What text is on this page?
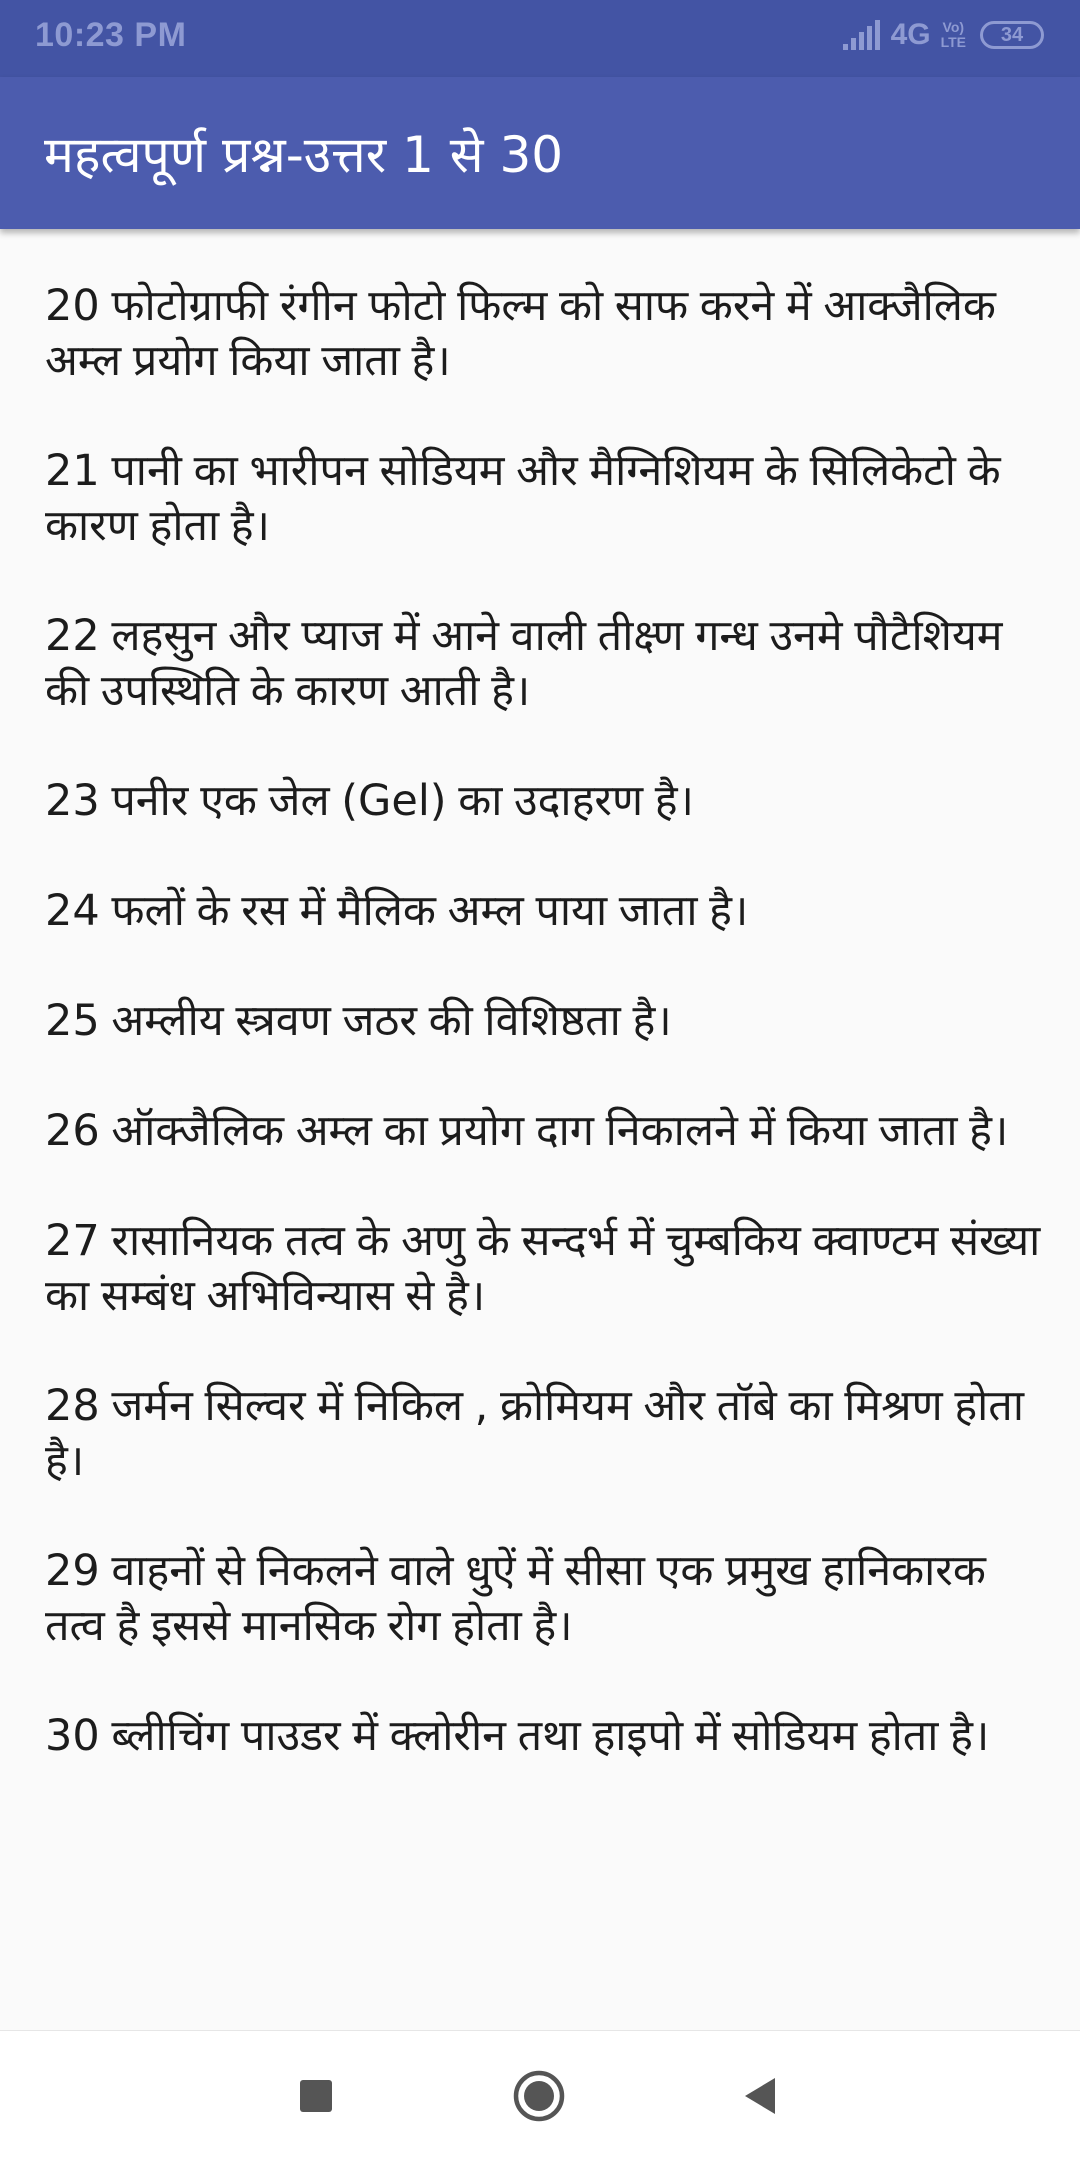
10:23 PM	4G Vo)
LTE 34
महत्वपूर्ण प्रश्न-उत्तर 1 से 30

20 फोटोग्राफी रंगीन फोटो फिल्म को साफ करने में आक्जैलिक अम्ल प्रयोग किया जाता है।

21 पानी का भारीपन सोडियम और मैग्निशियम के सिलिकेटो के कारण होता है।

22 लहसुन और प्याज में आने वाली तीक्ष्ण गन्ध उनमे पौटैशियम की उपस्थिति के कारण आती है।

23 पनीर एक जेल (Gel) का उदाहरण है।

24 फलों के रस में मैलिक अम्ल पाया जाता है।

25 अम्लीय स्त्रवण जठर की विशिष्ठता है।

26 ऑक्जैलिक अम्ल का प्रयोग दाग निकालने में किया जाता है।

27 रासानियक तत्व के अणु के सन्दर्भ में चुम्बकिय क्वाण्टम संख्या का सम्बंध अभिविन्यास से है।

28 जर्मन सिल्वर में निकिल , क्रोमियम और तॉबे का मिश्रण होता है।

29 वाहनों से निकलने वाले धुऐं में सीसा एक प्रमुख हानिकारक तत्व है इससे मानसिक रोग होता है।

30 ब्लीचिंग पाउडर में क्लोरीन तथा हाइपो में सोडियम होता है।
